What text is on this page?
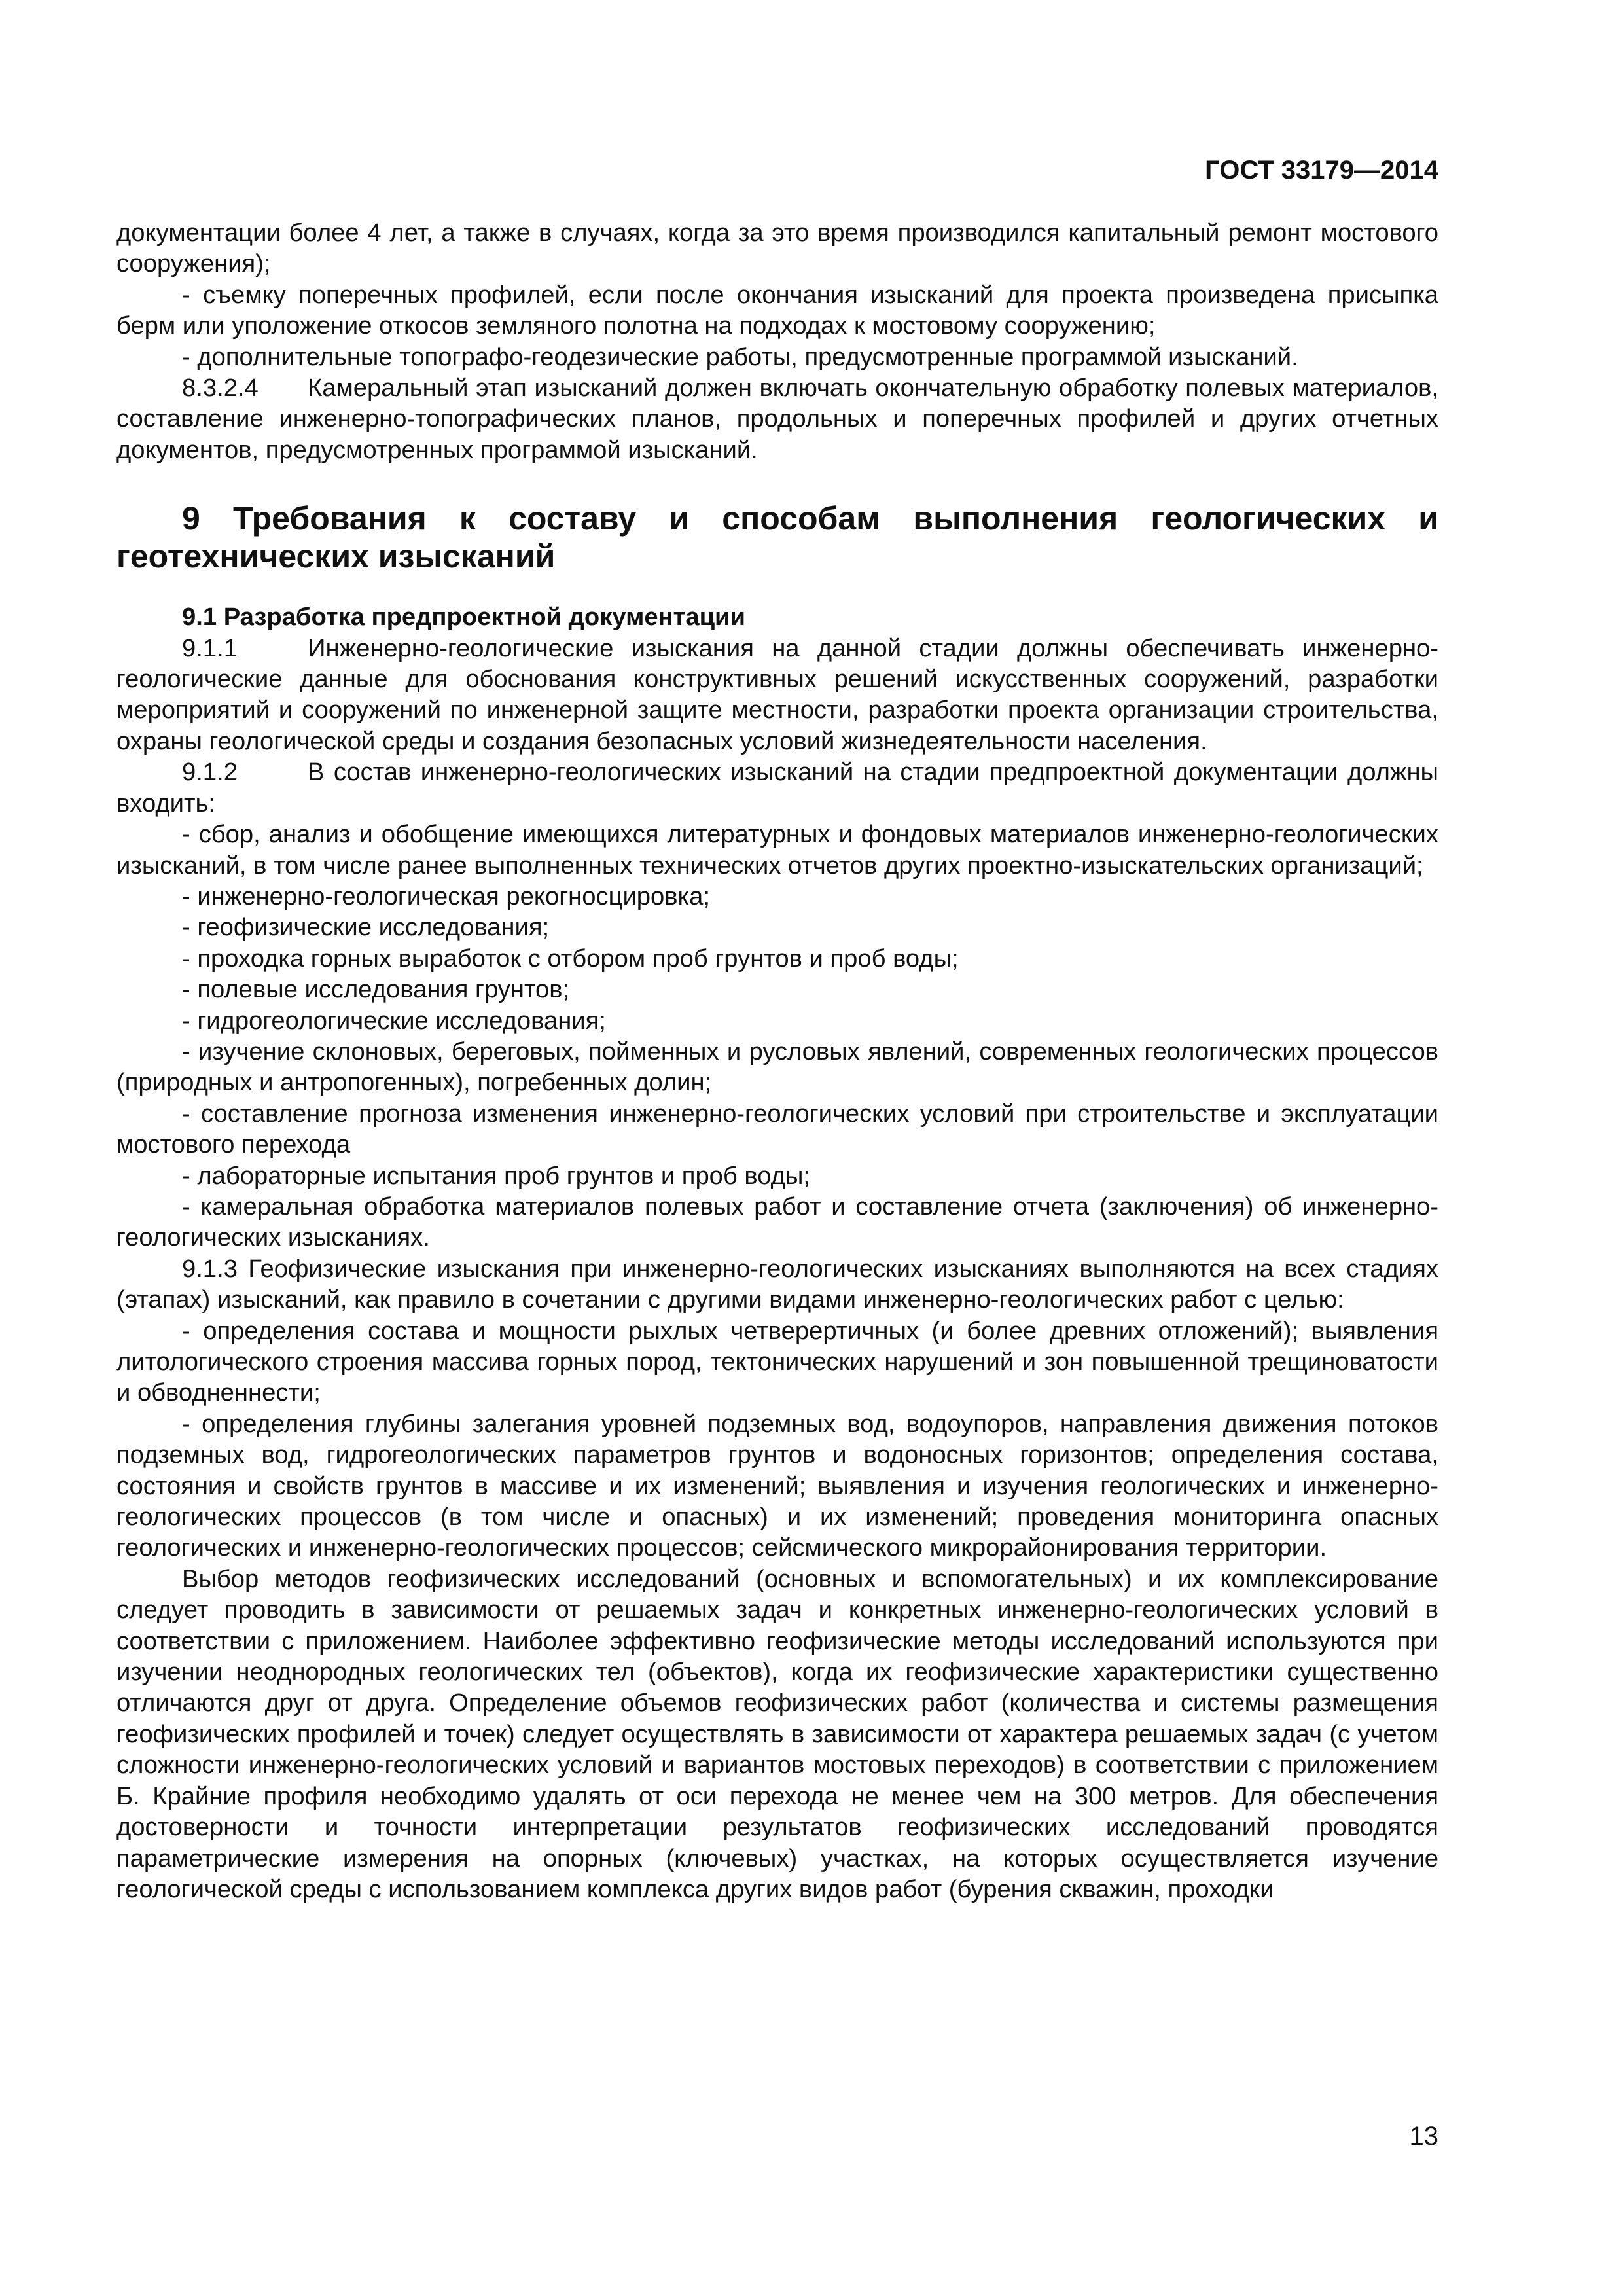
ГОСТ 33179—2014

документации более 4 лет, а также в случаях, когда за это время производился капитальный ремонт мостового сооружения);

- съемку поперечных профилей, если после окончания изысканий для проекта произведена присыпка берм или уположение откосов земляного полотна на подходах к мостовому сооружению;

- дополнительные топографо-геодезические работы, предусмотренные программой изысканий.

8.3.2.4 Камеральный этап изысканий должен включать окончательную обработку полевых материалов, составление инженерно-топографических планов, продольных и поперечных профилей и других отчетных документов, предусмотренных программой изысканий.

9 Требования к составу и способам выполнения геологических и геотехнических изысканий

9.1 Разработка предпроектной документации

9.1.1	Инженерно-геологические изыскания на данной стадии должны обеспечивать инженерно-геологические данные для обоснования конструктивных решений искусственных сооружений, разработки мероприятий и сооружений по инженерной защите местности, разработки проекта организации строительства, охраны геологической среды и создания безопасных условий жизнедеятельности населения.

9.1.2	В состав инженерно-геологических изысканий на стадии предпроектной документации должны входить:

- сбор, анализ и обобщение имеющихся литературных и фондовых материалов инженерно-геологических изысканий, в том числе ранее выполненных технических отчетов других проектно-изыскательских организаций;

- инженерно-геологическая рекогносцировка;

- геофизические исследования;

- проходка горных выработок с отбором проб грунтов и проб воды;

- полевые исследования грунтов;

- гидрогеологические исследования;

- изучение склоновых, береговых, пойменных и русловых явлений, современных геологических процессов (природных и антропогенных), погребенных долин;

- составление прогноза изменения инженерно-геологических условий при строительстве и эксплуатации мостового перехода

- лабораторные испытания проб грунтов и проб воды;

- камеральная обработка материалов полевых работ и составление отчета (заключения) об инженерно-геологических изысканиях.

9.1.3 Геофизические изыскания при инженерно-геологических изысканиях выполняются на всех стадиях (этапах) изысканий, как правило в сочетании с другими видами инженерно-геологических работ с целью:

- определения состава и мощности рыхлых четверертичных (и более древних отложений); выявления литологического строения массива горных пород, тектонических нарушений и зон повышенной трещиноватости и обводненнести;

- определения глубины залегания уровней подземных вод, водоупоров, направления движения потоков подземных вод, гидрогеологических параметров грунтов и водоносных горизонтов; определения состава, состояния и свойств грунтов в массиве и их изменений; выявления и изучения геологических и инженерно-геологических процессов (в том числе и опасных) и их изменений; проведения мониторинга опасных геологических и инженерно-геологических процессов; сейсмического микрорайонирования территории.

Выбор методов геофизических исследований (основных и вспомогательных) и их комплексирование следует проводить в зависимости от решаемых задач и конкретных инженерно-геологических условий в соответствии с приложением. Наиболее эффективно геофизические методы исследований используются при изучении неоднородных геологических тел (объектов), когда их геофизические характеристики существенно отличаются друг от друга. Определение объемов геофизических работ (количества и системы размещения геофизических профилей и точек) следует осуществлять в зависимости от характера решаемых задач (с учетом сложности инженерно-геологических условий и вариантов мостовых переходов) в соответствии с приложением Б. Крайние профиля необходимо удалять от оси перехода не менее чем на 300 метров. Для обеспечения достоверности и точности интерпретации результатов геофизических исследований проводятся параметрические измерения на опорных (ключевых) участках, на которых осуществляется изучение геологической среды с использованием комплекса других видов работ (бурения скважин, проходки

13
